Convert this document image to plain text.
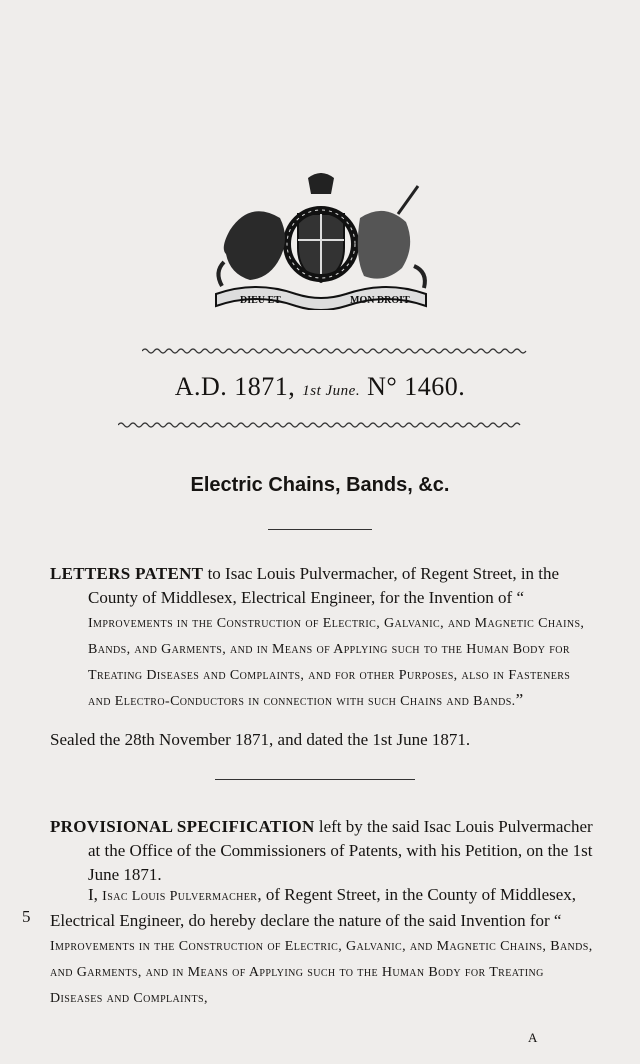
DIEU ET	MON DROIT
A.D. 1871, 1st June. N° 1460.
Electric Chains, Bands, &c.
LETTERS PATENT to Isac Louis Pulvermacher, of Regent Street, in the County of Middlesex, Electrical Engineer, for the Invention of “ Improvements in the Construction of Electric, Galvanic, and Magnetic Chains, Bands, and Garments, and in Means of Applying such to the Human Body for Treating Diseases and Complaints, and for other Purposes, also in Fasteners and Electro-Conductors in connection with such Chains and Bands.”
Sealed the 28th November 1871, and dated the 1st June 1871.
PROVISIONAL SPECIFICATION left by the said Isac Louis Pulvermacher at the Office of the Commissioners of Patents, with his Petition, on the 1st June 1871.
I, Isac Louis Pulvermacher, of Regent Street, in the County of Middlesex, Electrical Engineer, do hereby declare the nature of the said Invention for “ Improvements in the Construction of Electric, Galvanic, and Magnetic Chains, Bands, and Garments, and in Means of Applying such to the Human Body for Treating Diseases and Complaints,
5
A
